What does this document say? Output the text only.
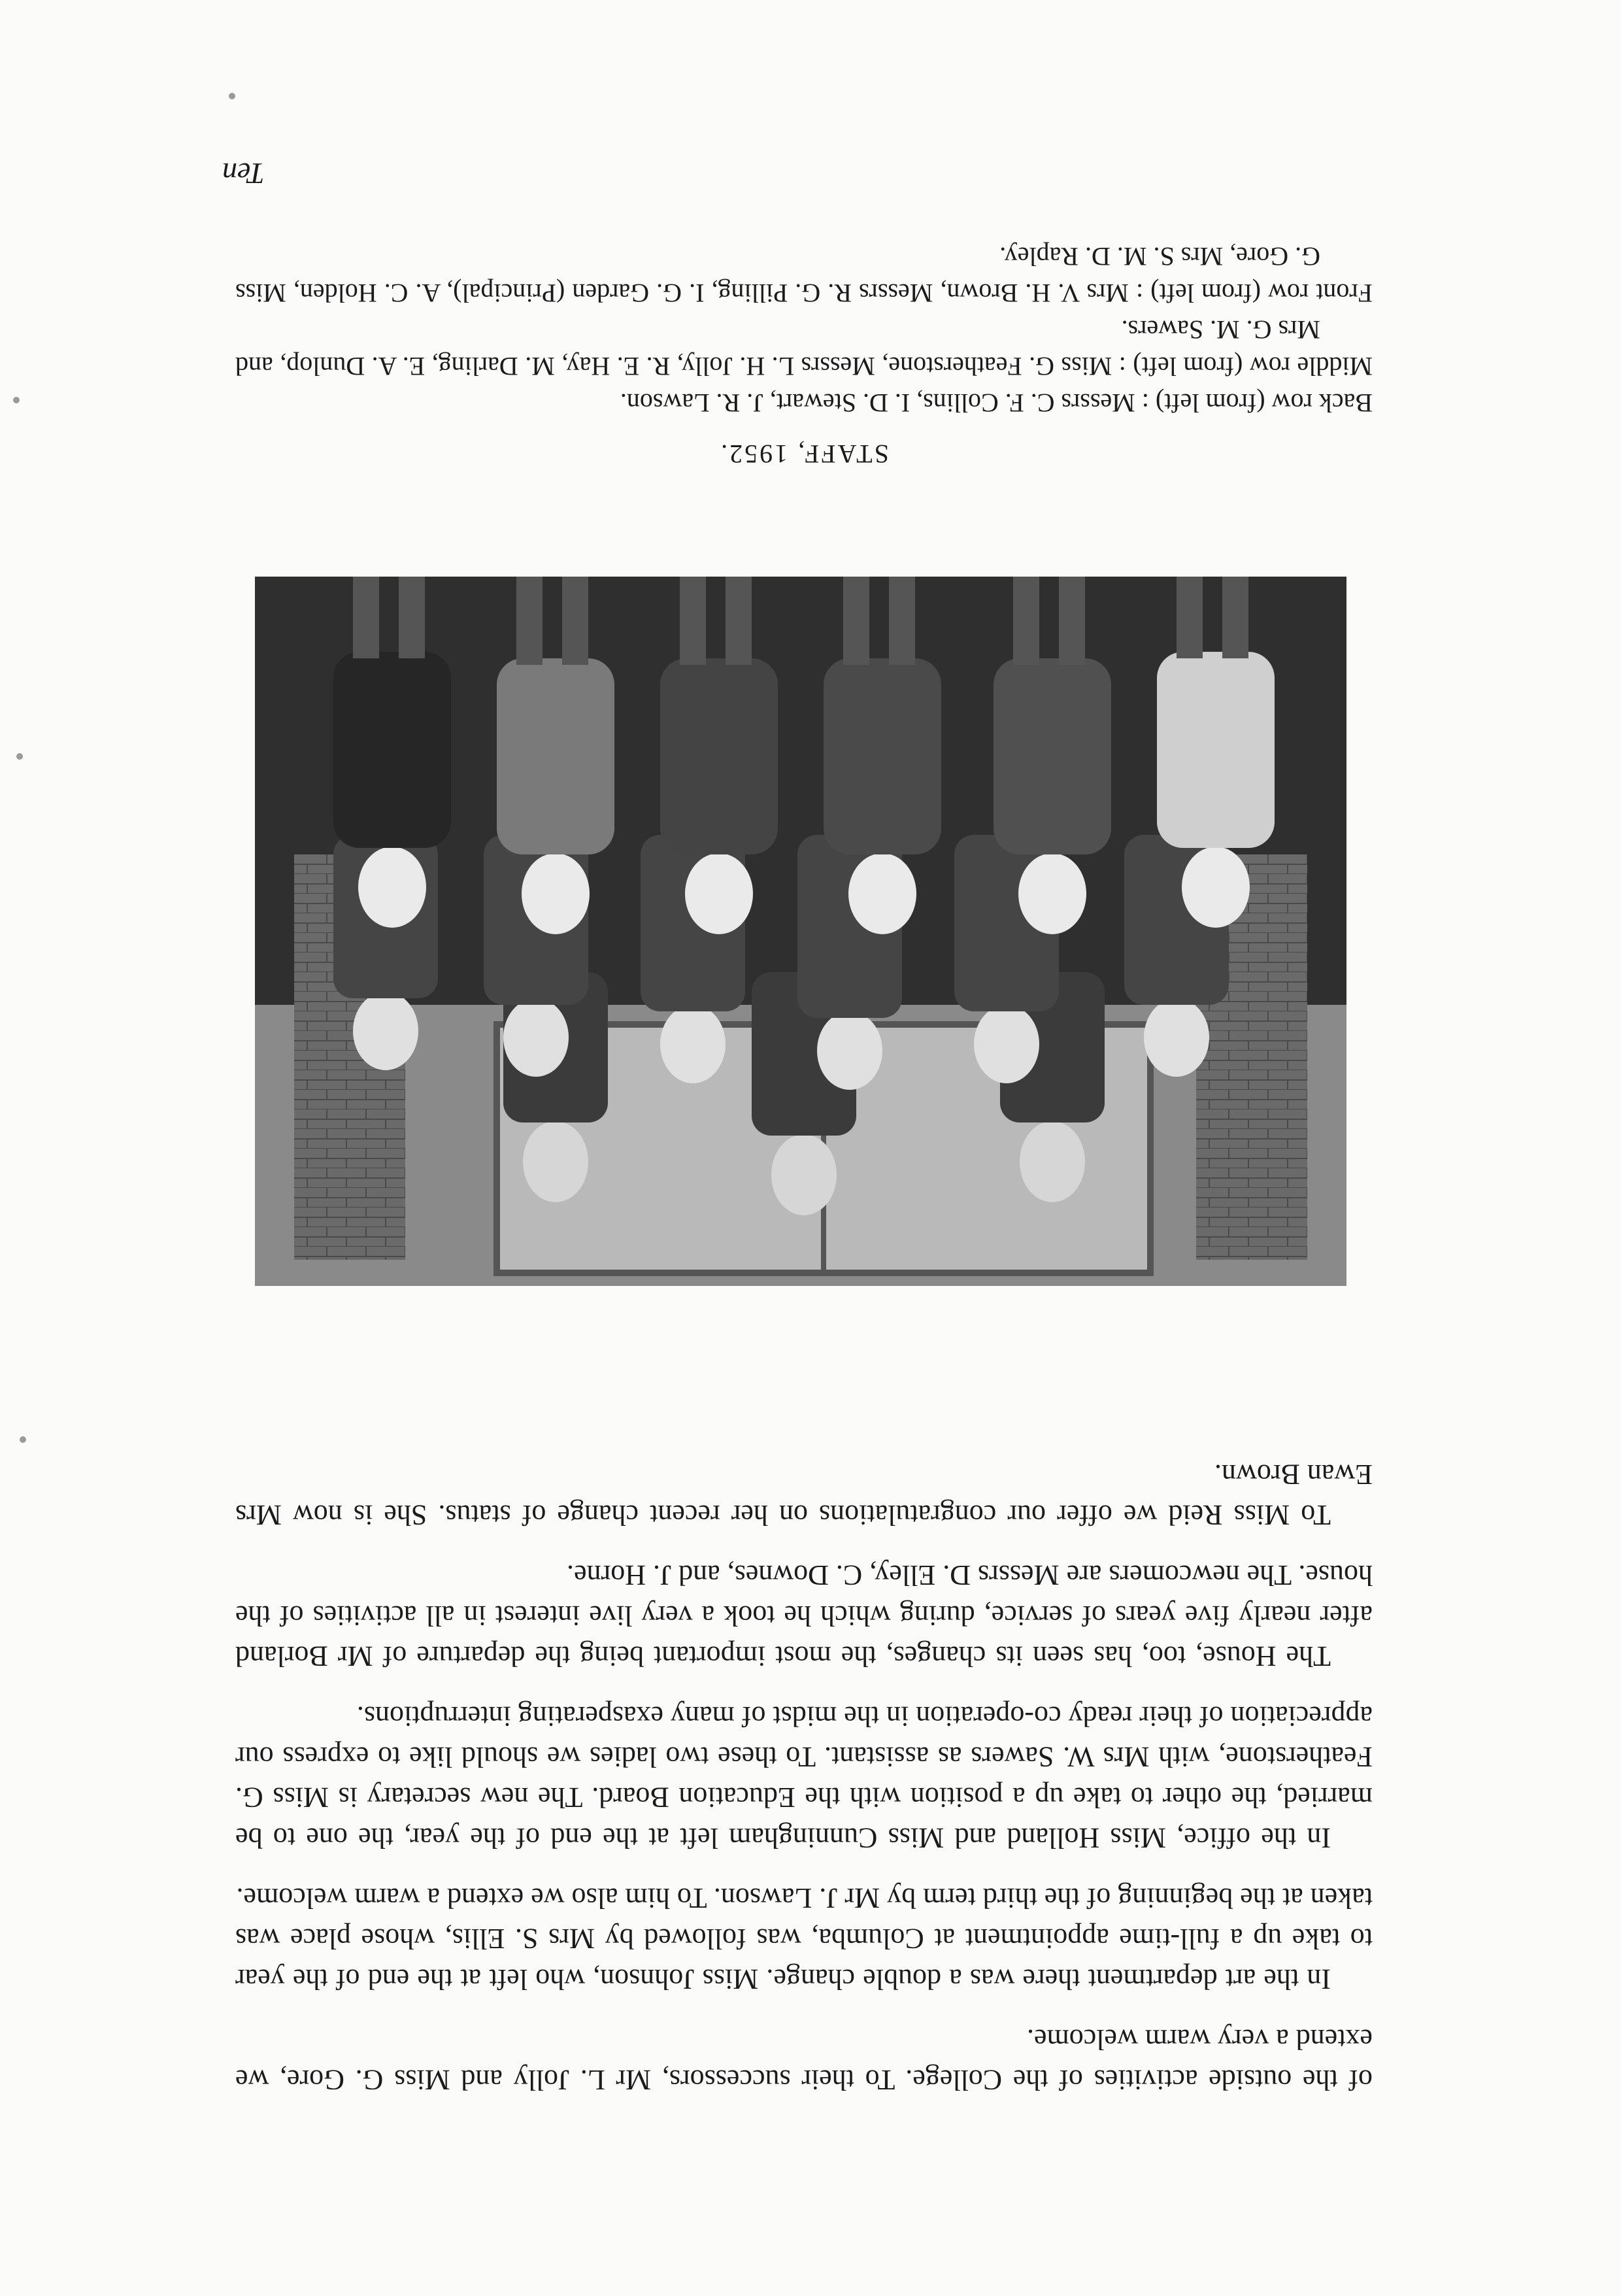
of the outside activities of the College. To their successors, Mr L. Jolly and Miss G. Gore, we extend a very warm welcome.

In the art department there was a double change. Miss Johnson, who left at the end of the year to take up a full-time appointment at Columba, was followed by Mrs S. Ellis, whose place was taken at the beginning of the third term by Mr J. Lawson. To him also we extend a warm welcome.

In the office, Miss Holland and Miss Cunningham left at the end of the year, the one to be married, the other to take up a position with the Education Board. The new secretary is Miss G. Featherstone, with Mrs W. Sawers as assistant. To these two ladies we should like to express our appreciation of their ready co-operation in the midst of many exasperating interruptions.

The House, too, has seen its changes, the most important being the departure of Mr Borland after nearly five years of service, during which he took a very live interest in all activities of the house. The newcomers are Messrs D. Elley, C. Downes, and J. Horne.

To Miss Reid we offer our congratulations on her recent change of status. She is now Mrs Ewan Brown.

STAFF, 1952.

Back row (from left) : Messrs C. F. Collins, I. D. Stewart, J. R. Lawson.

Middle row (from left) : Miss G. Featherstone, Messrs L. H. Jolly, R. E. Hay, M. Darling, E. A. Dunlop, and Mrs G. M. Sawers.

Front row (from left) : Mrs V. H. Brown, Messrs R. G. Pilling, I. G. Garden (Principal), A. C. Holden, Miss G. Gore, Mrs S. M. D. Rapley.

Ten
